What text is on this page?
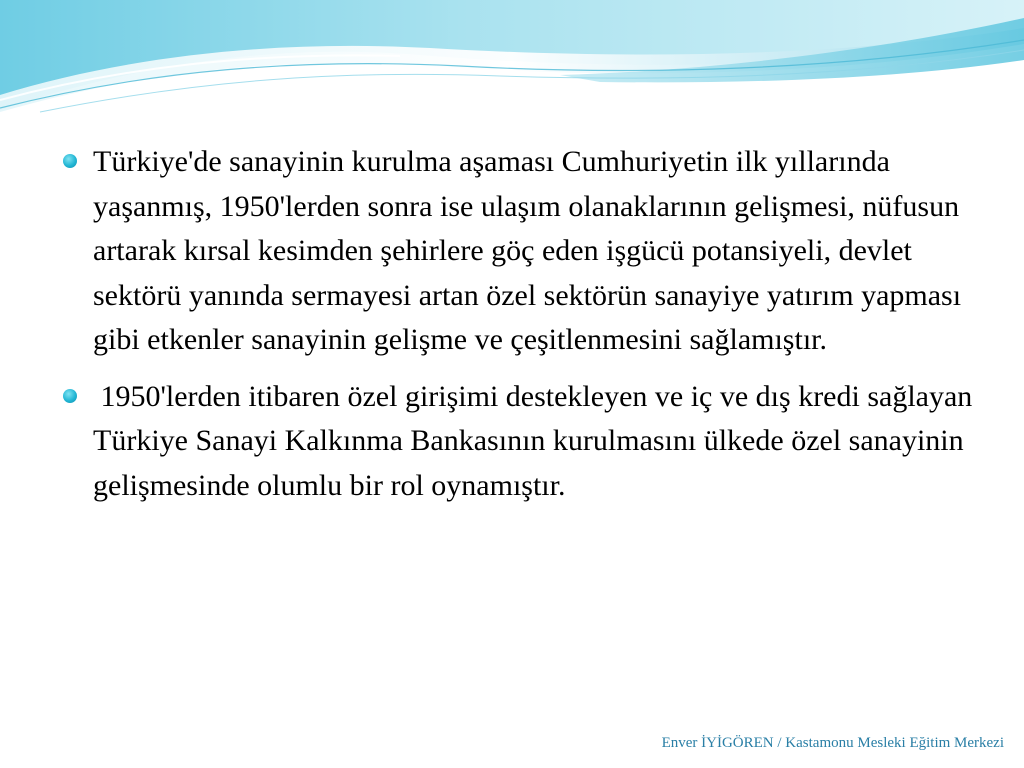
Türkiye'de sanayinin kurulma aşaması Cumhuriyetin ilk yıllarında yaşanmış, 1950'lerden sonra ise ulaşım olanaklarının gelişmesi, nüfusun artarak kırsal kesimden şehirlere göç eden işgücü potansiyeli, devlet sektörü yanında sermayesi artan özel sektörün sanayiye yatırım yapması gibi etkenler sanayinin gelişme ve çeşitlenmesini sağlamıştır.
1950'lerden itibaren özel girişimi destekleyen ve iç ve dış kredi sağlayan Türkiye Sanayi Kalkınma Bankasının kurulmasını ülkede özel sanayinin gelişmesinde olumlu bir rol oynamıştır.
Enver İYİGÖREN / Kastamonu Mesleki Eğitim Merkezi
